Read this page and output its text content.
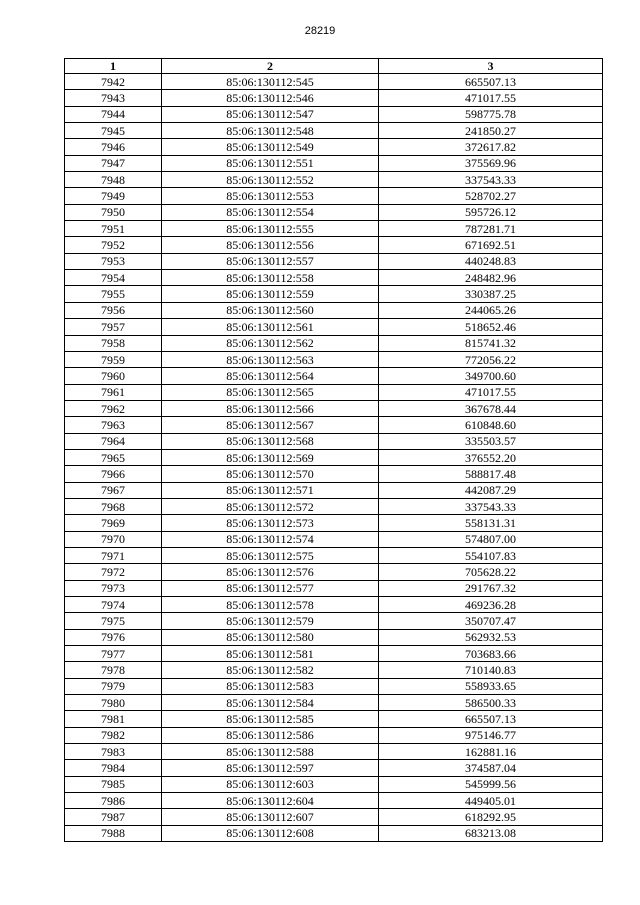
28219
1	2	3
7942	85:06:130112:545	665507.13
7943	85:06:130112:546	471017.55
7944	85:06:130112:547	598775.78
7945	85:06:130112:548	241850.27
7946	85:06:130112:549	372617.82
7947	85:06:130112:551	375569.96
7948	85:06:130112:552	337543.33
7949	85:06:130112:553	528702.27
7950	85:06:130112:554	595726.12
7951	85:06:130112:555	787281.71
7952	85:06:130112:556	671692.51
7953	85:06:130112:557	440248.83
7954	85:06:130112:558	248482.96
7955	85:06:130112:559	330387.25
7956	85:06:130112:560	244065.26
7957	85:06:130112:561	518652.46
7958	85:06:130112:562	815741.32
7959	85:06:130112:563	772056.22
7960	85:06:130112:564	349700.60
7961	85:06:130112:565	471017.55
7962	85:06:130112:566	367678.44
7963	85:06:130112:567	610848.60
7964	85:06:130112:568	335503.57
7965	85:06:130112:569	376552.20
7966	85:06:130112:570	588817.48
7967	85:06:130112:571	442087.29
7968	85:06:130112:572	337543.33
7969	85:06:130112:573	558131.31
7970	85:06:130112:574	574807.00
7971	85:06:130112:575	554107.83
7972	85:06:130112:576	705628.22
7973	85:06:130112:577	291767.32
7974	85:06:130112:578	469236.28
7975	85:06:130112:579	350707.47
7976	85:06:130112:580	562932.53
7977	85:06:130112:581	703683.66
7978	85:06:130112:582	710140.83
7979	85:06:130112:583	558933.65
7980	85:06:130112:584	586500.33
7981	85:06:130112:585	665507.13
7982	85:06:130112:586	975146.77
7983	85:06:130112:588	162881.16
7984	85:06:130112:597	374587.04
7985	85:06:130112:603	545999.56
7986	85:06:130112:604	449405.01
7987	85:06:130112:607	618292.95
7988	85:06:130112:608	683213.08
